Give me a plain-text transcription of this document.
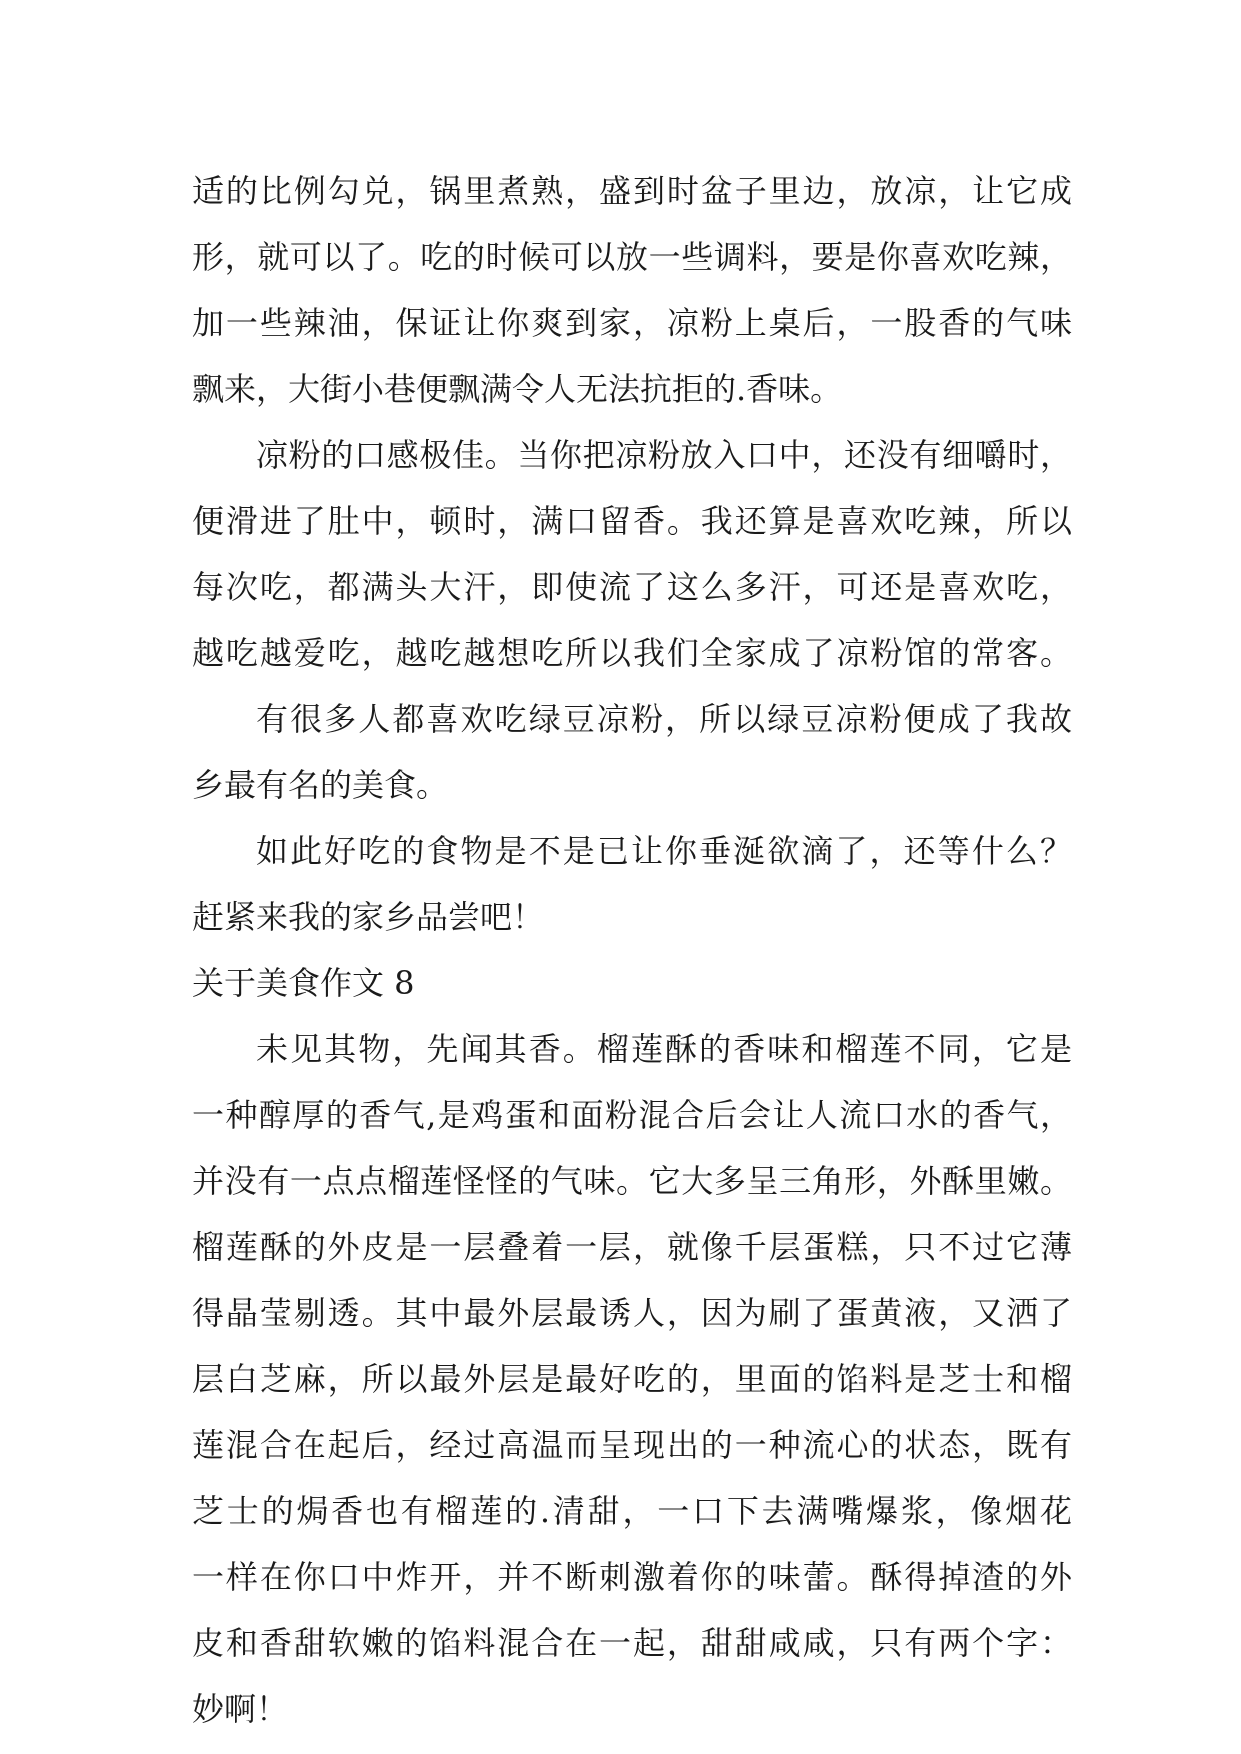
适的比例勾兑，锅里煮熟，盛到时盆子里边，放凉，让它成
形，就可以了。吃的时候可以放一些调料，要是你喜欢吃辣，
加一些辣油，保证让你爽到家，凉粉上桌后，一股香的气味
飘来，大街小巷便飘满令人无法抗拒的.香味。
凉粉的口感极佳。当你把凉粉放入口中，还没有细嚼时，
便滑进了肚中，顿时，满口留香。我还算是喜欢吃辣，所以
每次吃，都满头大汗，即使流了这么多汗，可还是喜欢吃，
越吃越爱吃，越吃越想吃所以我们全家成了凉粉馆的常客。
有很多人都喜欢吃绿豆凉粉，所以绿豆凉粉便成了我故
乡最有名的美食。
如此好吃的食物是不是已让你垂涎欲滴了，还等什么？
赶紧来我的家乡品尝吧！
关于美食作文 8
未见其物，先闻其香。榴莲酥的香味和榴莲不同，它是
一种醇厚的香气,是鸡蛋和面粉混合后会让人流口水的香气，
并没有一点点榴莲怪怪的气味。它大多呈三角形，外酥里嫩。
榴莲酥的外皮是一层叠着一层，就像千层蛋糕，只不过它薄
得晶莹剔透。其中最外层最诱人，因为刷了蛋黄液，又洒了
层白芝麻，所以最外层是最好吃的，里面的馅料是芝士和榴
莲混合在起后，经过高温而呈现出的一种流心的状态，既有
芝士的焗香也有榴莲的.清甜，一口下去满嘴爆浆，像烟花
一样在你口中炸开，并不断刺激着你的味蕾。酥得掉渣的外
皮和香甜软嫩的馅料混合在一起，甜甜咸咸，只有两个字：
妙啊！
